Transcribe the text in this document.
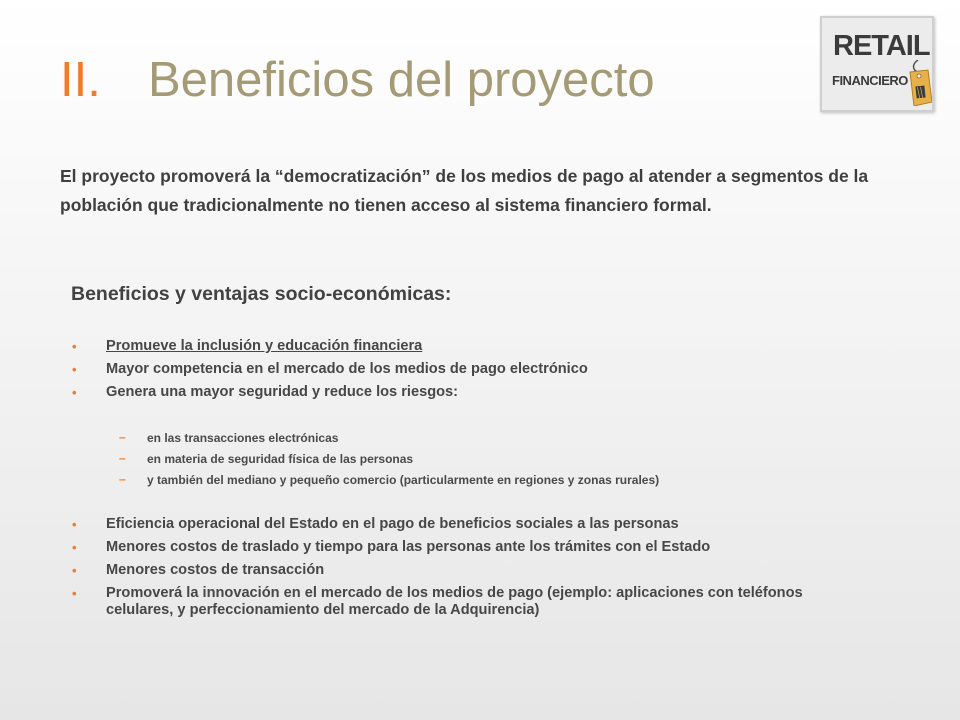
II. Beneficios del proyecto
RETAIL
FINANCIERO

El proyecto promoverá la “democratización” de los medios de pago al atender a segmentos de la población que tradicionalmente no tienen acceso al sistema financiero formal.

Beneficios y ventajas socio-económicas:
• Promueve la inclusión y educación financiera
• Mayor competencia en el mercado de los medios de pago electrónico
• Genera una mayor seguridad y reduce los riesgos:
– en las transacciones electrónicas
– en materia de seguridad física de las personas
– y también del mediano y pequeño comercio (particularmente en regiones y zonas rurales)
• Eficiencia operacional del Estado en el pago de beneficios sociales a las personas
• Menores costos de traslado y tiempo para las personas ante los trámites con el Estado
• Menores costos de transacción
• Promoverá la innovación en el mercado de los medios de pago (ejemplo: aplicaciones con teléfonos celulares, y perfeccionamiento del mercado de la Adquirencia)
